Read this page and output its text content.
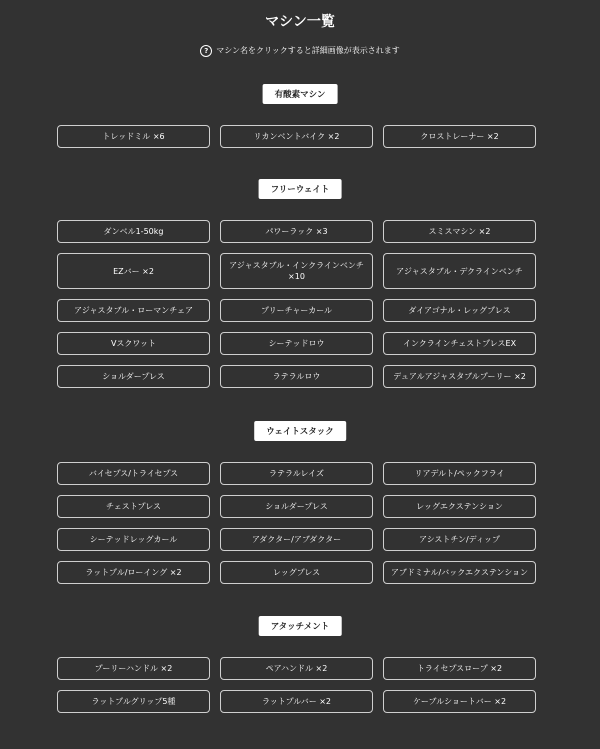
マシン一覧
? マシン名をクリックすると詳細画像が表示されます
有酸素マシン
トレッドミル ×6	リカンベントバイク ×2	クロストレーナー ×2
フリーウェイト
ダンベル1-50kg	パワーラック ×3	スミスマシン ×2
EZバー ×2
アジャスタブル・インクラインベンチ ×10
アジャスタブル・デクラインベンチ
アジャスタブル・ローマンチェア	プリーチャーカール	ダイアゴナル・レッグプレス
Vスクワット	シーテッドロウ	インクラインチェストプレスEX
ショルダープレス	ラテラルロウ	デュアルアジャスタブルプーリー ×2
ウェイトスタック
バイセプス/トライセプス	ラテラルレイズ	リアデルト/ペックフライ
チェストプレス	ショルダープレス	レッグエクステンション
シーテッドレッグカール	アダクター/アブダクター	アシストチン/ディップ
ラットプル/ローイング ×2	レッグプレス	アブドミナル/バックエクステンション
アタッチメント
プーリーハンドル ×2	ペアハンドル ×2	トライセプスロープ ×2
ラットプルグリップ5種	ラットプルバー ×2	ケーブルショートバー ×2
